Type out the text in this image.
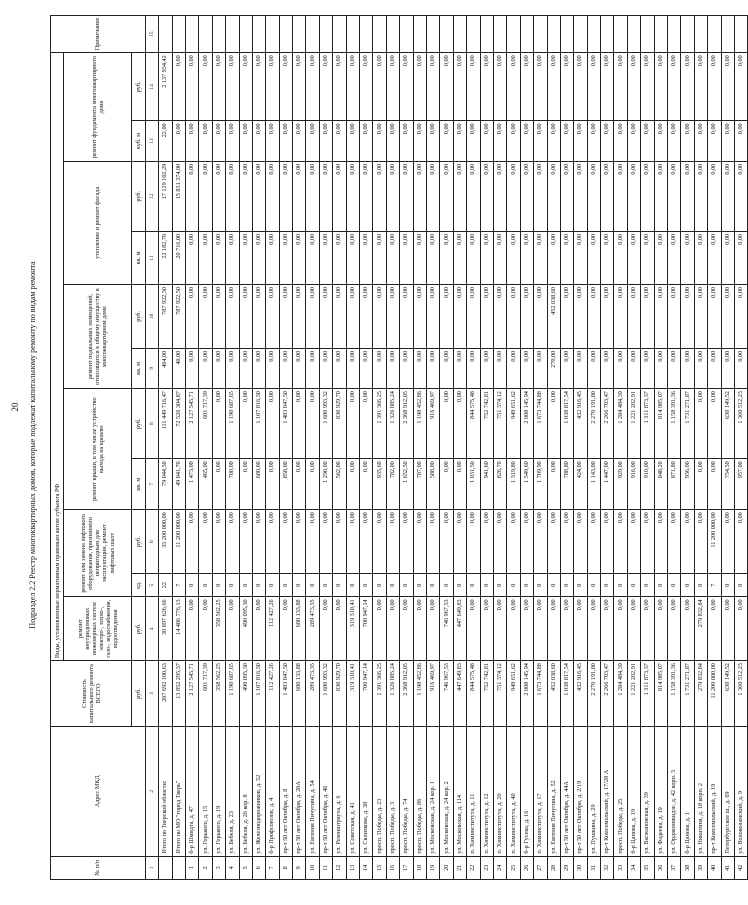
20 Подраздел 2.2 Реестр многоквартирных домов, которые подлежат капитальному ремонту по видам ремонта
№ п/п	Адрес МКД	Стоимость капитального ремонта ВСЕГО	Виды, установленные нормативным правовым актом субъекта РФ											Примечание
			ремонт внутридомовых инженерных систем электро-, тепло-, газо-, водоснабжения, водоотведения	ремонт или замена лифтового оборудования, признанного непригодным для эксплуатации, ремонт лифтовых шахт		ремонт крыши, в том числе устройство выхода на кровлю		ремонт подвальных помещений, относящихся к общему имуществу в многоквартирном доме		утепление и ремонт фасада		ремонт фундамента многоквартирного дома		
		руб.	руб.	ед.	руб.	кв. м	руб.	кв. м	руб.	кв. м	руб.	куб. м	руб.	
1	2	3	4	5	6	7	8	9	10	11	12	13	14	15
	Итого по Тверской области:	207 692 100,63	30 897 626,66	22	35 200 000,00	79 044,50	111 449 716,47	464,00	787 922,50	22 182,70	17 129 102,29	22,00	2 137 934,42	
	Итого по МО "город Тверь"	13 852 295,37	14 486 776,13	7	11 200 000,00	49 041,70	72 526 304,87	40,00	787 922,50	20 716,00	15 831 374,00	0,00	0,00	
1	б-р Шмидта, д. 47	2 127 545,71	0,00	0	0,00	1 473,00	2 127 545,71	0,00	0,00	0,00	0,00	0,00	0,00	
2	ул. Горького, д. 15	601 717,39	0,00	0	0,00	465,00	601 717,39	0,00	0,00	0,00	0,00	0,00	0,00	
3	ул. Горького, д. 19	358 562,25	358 562,25	0	0,00	0,00	0,00	0,00	0,00	0,00	0,00	0,00	0,00	
4	ул. Бебеля, д. 23	1 190 687,65	0,00	0	0,00	780,00	1 190 687,65	0,00	0,00	0,00	0,00	0,00	0,00	
5	ул. Бебеля, д. 26 кор. 8	490 095,30	490 095,30	0	0,00	0,00	0,00	0,00	0,00	0,00	0,00	0,00	0,00	
6	ул. Железнодорожников, д. 52	1 107 816,30	0,00	0	0,00	680,00	1 107 816,30	0,00	0,00	0,00	0,00	0,00	0,00	
7	б-р Профсоюзов, д. 4	112 427,26	112 427,26	0	0,00	0,00	0,00	0,00	0,00	0,00	0,00	0,00	0,00	
8	пр-т 50 лет Октября, д. 8	1 483 047,50	0,00	0	0,00	858,00	1 483 047,50	0,00	0,00	0,00	0,00	0,00	0,00	
9	пр-т 50 лет Октября, д. 20А	680 133,88	680 133,88	0	0,00	0,00	0,00	0,00	0,00	0,00	0,00	0,00	0,00	
10	ул. Евгения Пичугина, д. 54	289 473,35	289 473,35	0	0,00	0,00	0,00	0,00	0,00	0,00	0,00	0,00	0,00	
11	пр-т 50 лет Октября, д. 46	1 680 993,32	0,00	0	0,00	1 290,00	1 680 993,32	0,00	0,00	0,00	0,00	0,00	0,00	
12	ул. Розенштрауха, д. 6	830 929,70	0,00	0	0,00	562,00	830 929,70	0,00	0,00	0,00	0,00	0,00	0,00	
13	ул. Советская, д. 41	319 310,41	319 310,41	0	0,00	0,00	0,00	0,00	0,00	0,00	0,00	0,00	0,00	
14	ул. Склизкова, д. 38	700 947,14	700 947,14	0	0,00	0,00	0,00	0,00	0,00	0,00	0,00	0,00	0,00	
15	просп. Победы, д. 23	1 391 366,25	0,00	0	0,00	935,60	1 391 366,25	0,00	0,00	0,00	0,00	0,00	0,00	
16	просп. Победы, д. 3	1 326 085,24	0,00	0	0,00	782,00	1 326 085,24	0,00	0,00	0,00	0,00	0,00	0,00	
17	просп. Победы, д. 74	2 368 912,05	0,00	0	0,00	1 652,50	2 368 912,05	0,00	0,00	0,00	0,00	0,00	0,00	
18	просп. Победы, д. 86	1 198 452,86	0,00	0	0,00	787,00	1 198 452,86	0,00	0,00	0,00	0,00	0,00	0,00	
19	ул. Московская, д. 24 кор. 1	916 469,97	0,00	0	0,00	588,00	916 469,97	0,00	0,00	0,00	0,00	0,00	0,00	
20	ул. Московская, д. 24 кор. 2	746 967,53	746 967,53	0	0,00	0,00	0,00	0,00	0,00	0,00	0,00	0,00	0,00	
21	ул. Московская, д. 114	447 649,83	447 649,83	0	0,00	0,00	0,00	0,00	0,00	0,00	0,00	0,00	0,00	
22	п. Химинститута, д. 11	844 575,48	0,00	0	0,00	1 031,50	844 575,48	0,00	0,00	0,00	0,00	0,00	0,00	
23	п. Химинститута, д. 12	752 742,81	0,00	0	0,00	941,60	752 742,81	0,00	0,00	0,00	0,00	0,00	0,00	
24	п. Химинститута, д. 20	751 374,12	0,00	0	0,00	826,70	751 374,12	0,00	0,00	0,00	0,00	0,00	0,00	
25	п. Химинститута, д. 40	949 651,62	0,00	0	0,00	1 319,80	949 651,62	0,00	0,00	0,00	0,00	0,00	0,00	
26	б-р Гусева, д. 16	2 008 145,94	0,00	0	0,00	1 549,60	2 008 145,94	0,00	0,00	0,00	0,00	0,00	0,00	
27	п. Химинститута, д. 17	1 673 744,88	0,00	0	0,00	1 709,90	1 673 744,88	0,00	0,00	0,00	0,00	0,00	0,00	
28	ул. Евгения Пичугина, д. 52	452 038,60	0,00	0	0,00	0,00	0,00	270,00	452 038,60	0,00	0,00	0,00	0,00	
29	пр-т 50 лет Октября, д. 44А	1 038 817,54	0,00	0	0,00	788,80	1 038 817,54	0,00	0,00	0,00	0,00	0,00	0,00	
30	пр-т 50 лет Октября, д. 2/19	432 916,45	0,00	0	0,00	424,00	432 916,45	0,00	0,00	0,00	0,00	0,00	0,00	
31	ул. Пушкина, д. 29	2 270 191,00	0,00	0	0,00	1 143,00	2 270 191,00	0,00	0,00	0,00	0,00	0,00	0,00	
32	пр-т Комсомольский, д. 17/28 А	2 266 703,47	0,00	0	0,00	1 447,00	2 266 703,47	0,00	0,00	0,00	0,00	0,00	0,00	
33	просп. Победы, д. 25	1 284 484,39	0,00	0	0,00	929,00	1 284 484,39	0,00	0,00	0,00	0,00	0,00	0,00	
34	б-р Цанова, д. 19	1 221 202,91	0,00	0	0,00	916,00	1 221 202,91	0,00	0,00	0,00	0,00	0,00	0,00	
35	ул. Вагжановская, д. 39	1 311 873,37	0,00	0	0,00	910,00	1 311 873,37	0,00	0,00	0,00	0,00	0,00	0,00	
36	ул. Фадеева, д. 19	814 985,07	0,00	0	0,00	848,20	814 985,07	0,00	0,00	0,00	0,00	0,00	0,00	
37	ул. Орджоникидзе, д. 42 корп. 3	1 158 391,36	0,00	0	0,00	871,80	1 158 391,36	0,00	0,00	0,00	0,00	0,00	0,00	
38	б-р Цанова, д. 1	1 731 271,87	0,00	0	0,00	936,00	1 731 271,87	0,00	0,00	0,00	0,00	0,00	0,00	
39	ул. Никитина, д. 18 корп. 2	279 832,84	279 832,84	0	0,00	0,00	0,00	0,00	0,00	0,00	0,00	0,00	0,00	
40	пр-т Комсомольский, д. 19	11 200 000,00	0,00	7	11 200 000,00	0,00	0,00	0,00	0,00	0,00	0,00	0,00	0,00	
41	Петербургское ш., д. 69	630 149,52	0,00	0	0,00	754,50	630 149,52	0,00	0,00	0,00	0,00	0,00	0,00	
42	ул. Волоколамский, д. 9	1 360 512,23	0,00	0	0,00	957,00	1 360 512,23	0,00	0,00	0,00	0,00	0,00	0,00	
